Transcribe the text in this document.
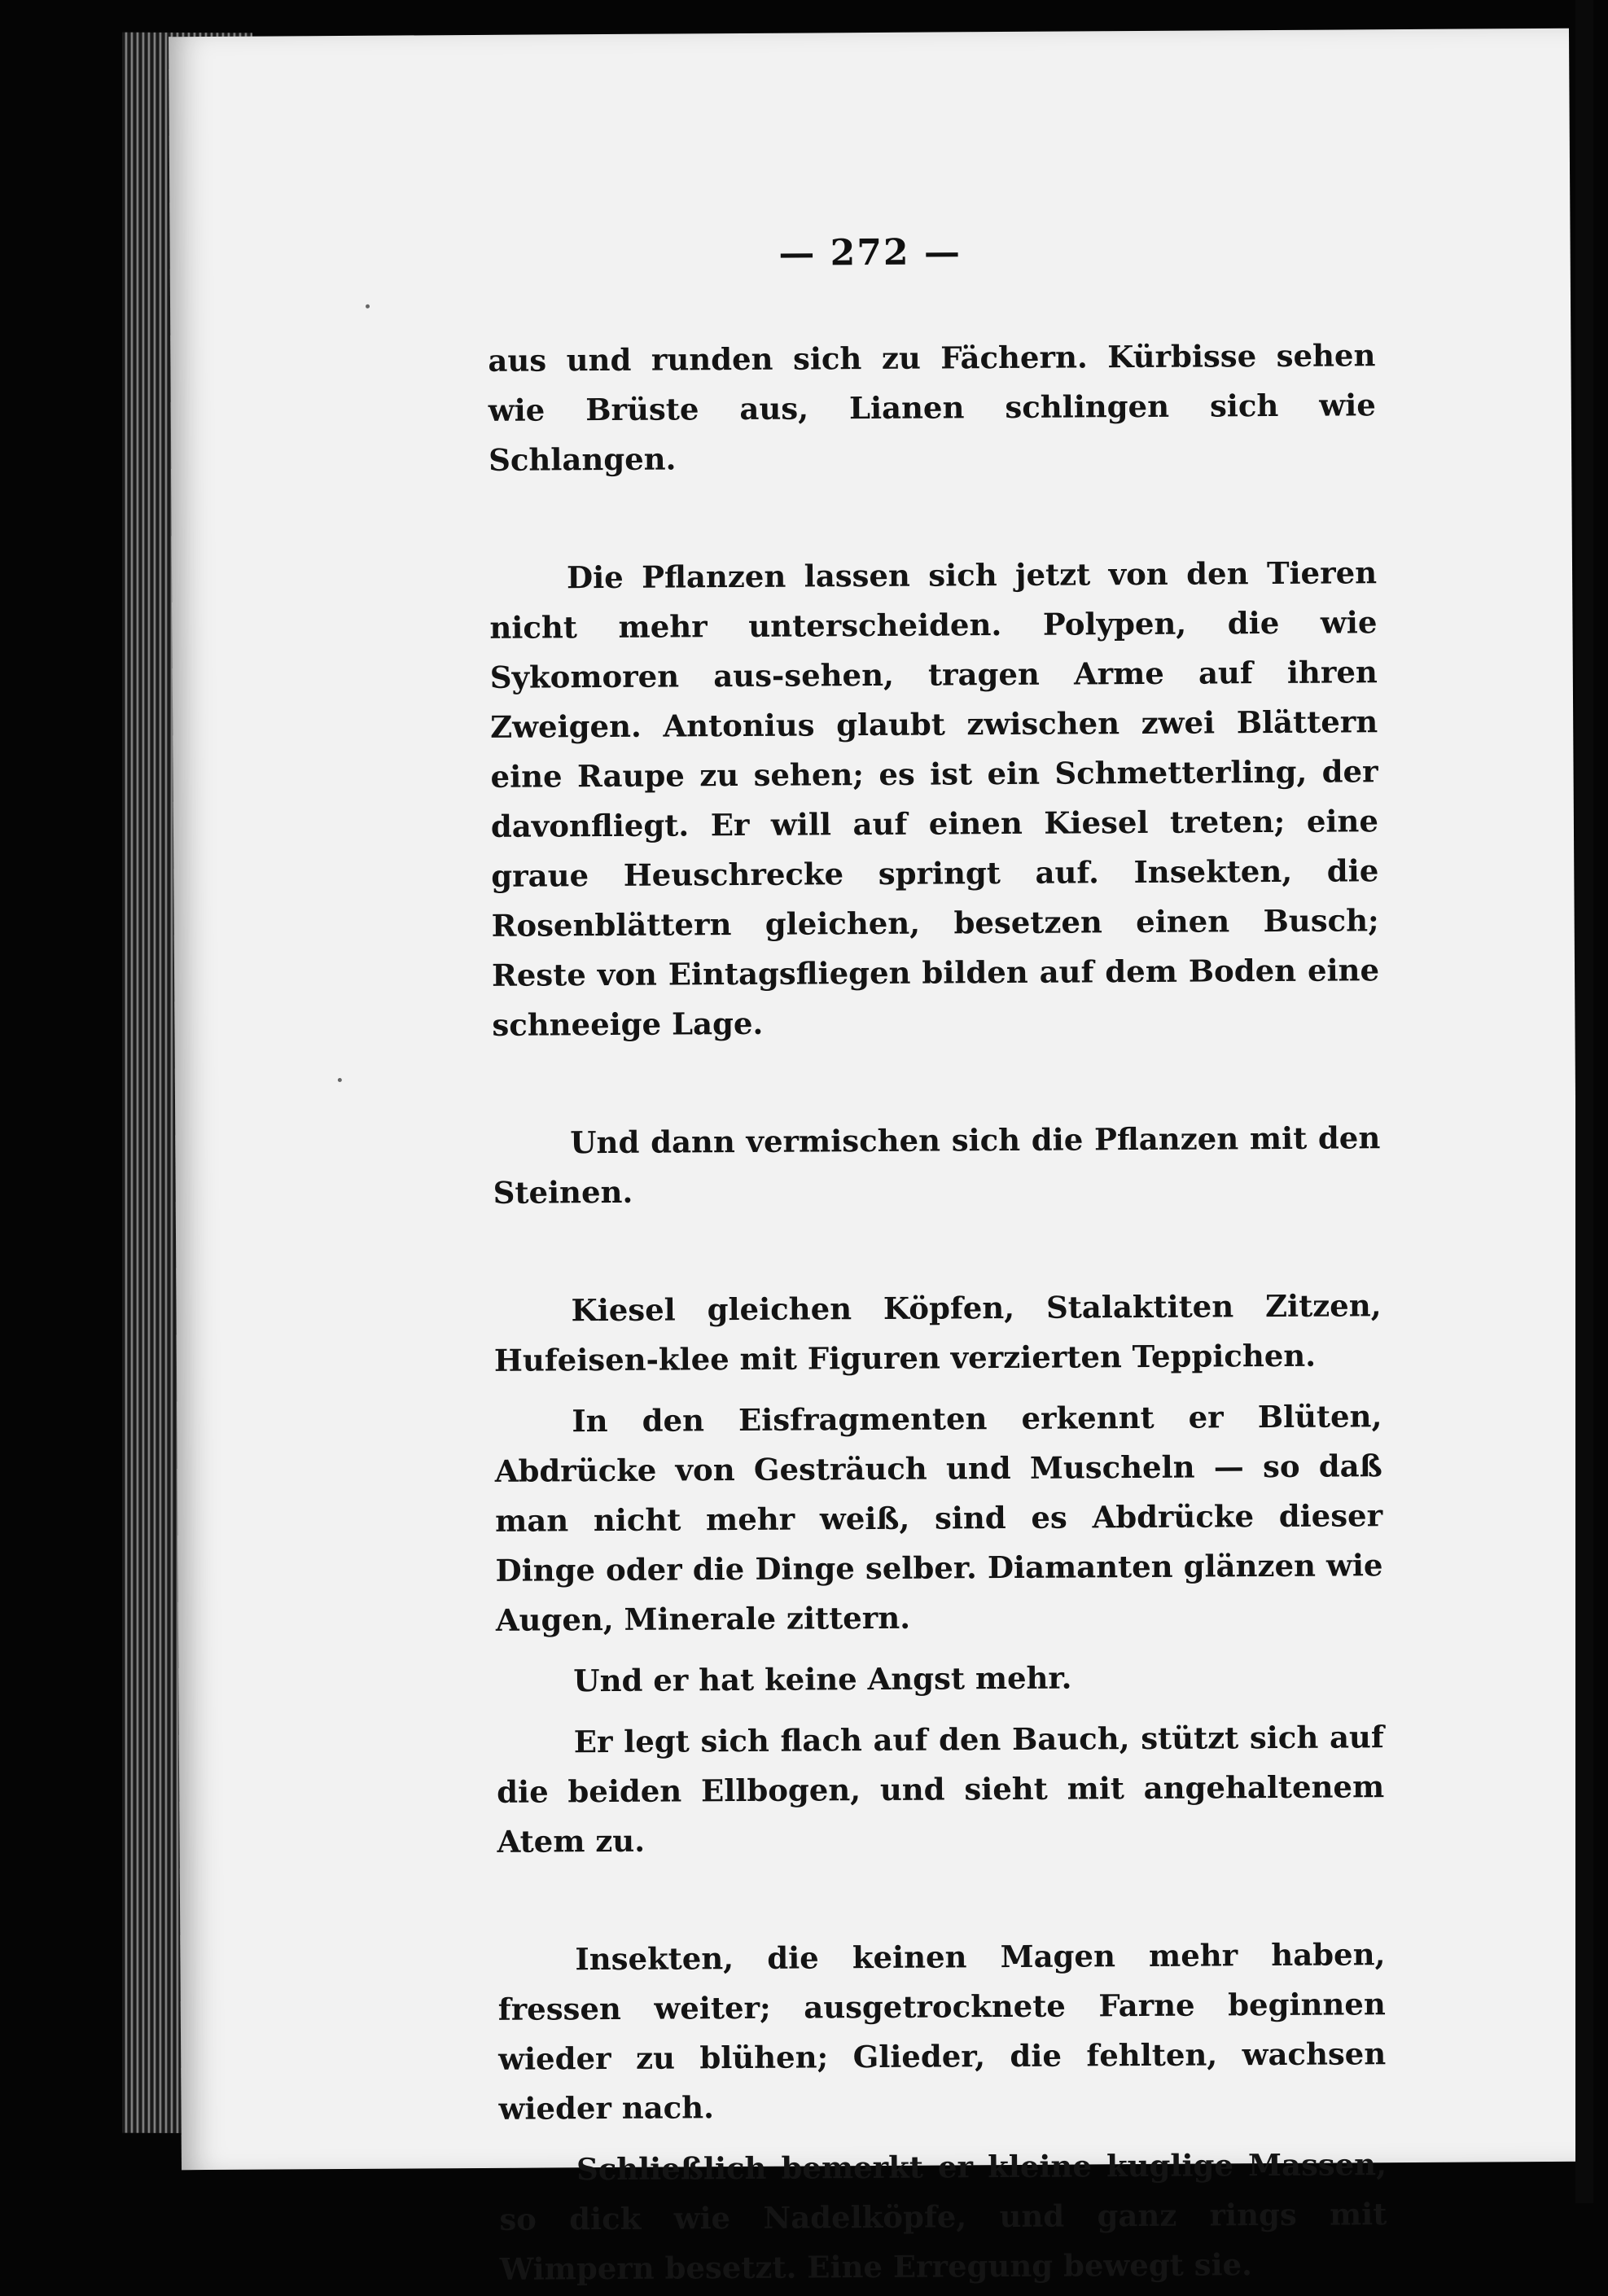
— 272 —

aus und runden sich zu Fächern. Kürbisse sehen wie Brüste aus, Lianen schlingen sich wie Schlangen.

Die Pflanzen lassen sich jetzt von den Tieren nicht mehr unterscheiden. Polypen, die wie Sykomoren aus-sehen, tragen Arme auf ihren Zweigen. Antonius glaubt zwischen zwei Blättern eine Raupe zu sehen; es ist ein Schmetterling, der davonfliegt. Er will auf einen Kiesel treten; eine graue Heuschrecke springt auf. Insekten, die Rosenblättern gleichen, besetzen einen Busch; Reste von Eintagsfliegen bilden auf dem Boden eine schneeige Lage.

Und dann vermischen sich die Pflanzen mit den Steinen.

Kiesel gleichen Köpfen, Stalaktiten Zitzen, Hufeisen-klee mit Figuren verzierten Teppichen.

In den Eisfragmenten erkennt er Blüten, Abdrücke von Gesträuch und Muscheln — so daß man nicht mehr weiß, sind es Abdrücke dieser Dinge oder die Dinge selber. Diamanten glänzen wie Augen, Minerale zittern.

Und er hat keine Angst mehr.

Er legt sich flach auf den Bauch, stützt sich auf die beiden Ellbogen, und sieht mit angehaltenem Atem zu.

Insekten, die keinen Magen mehr haben, fressen weiter; ausgetrocknete Farne beginnen wieder zu blühen; Glieder, die fehlten, wachsen wieder nach.

Schließlich bemerkt er kleine kuglige Massen, so dick wie Nadelköpfe, und ganz rings mit Wimpern besetzt. Eine Erregung bewegt sie.
